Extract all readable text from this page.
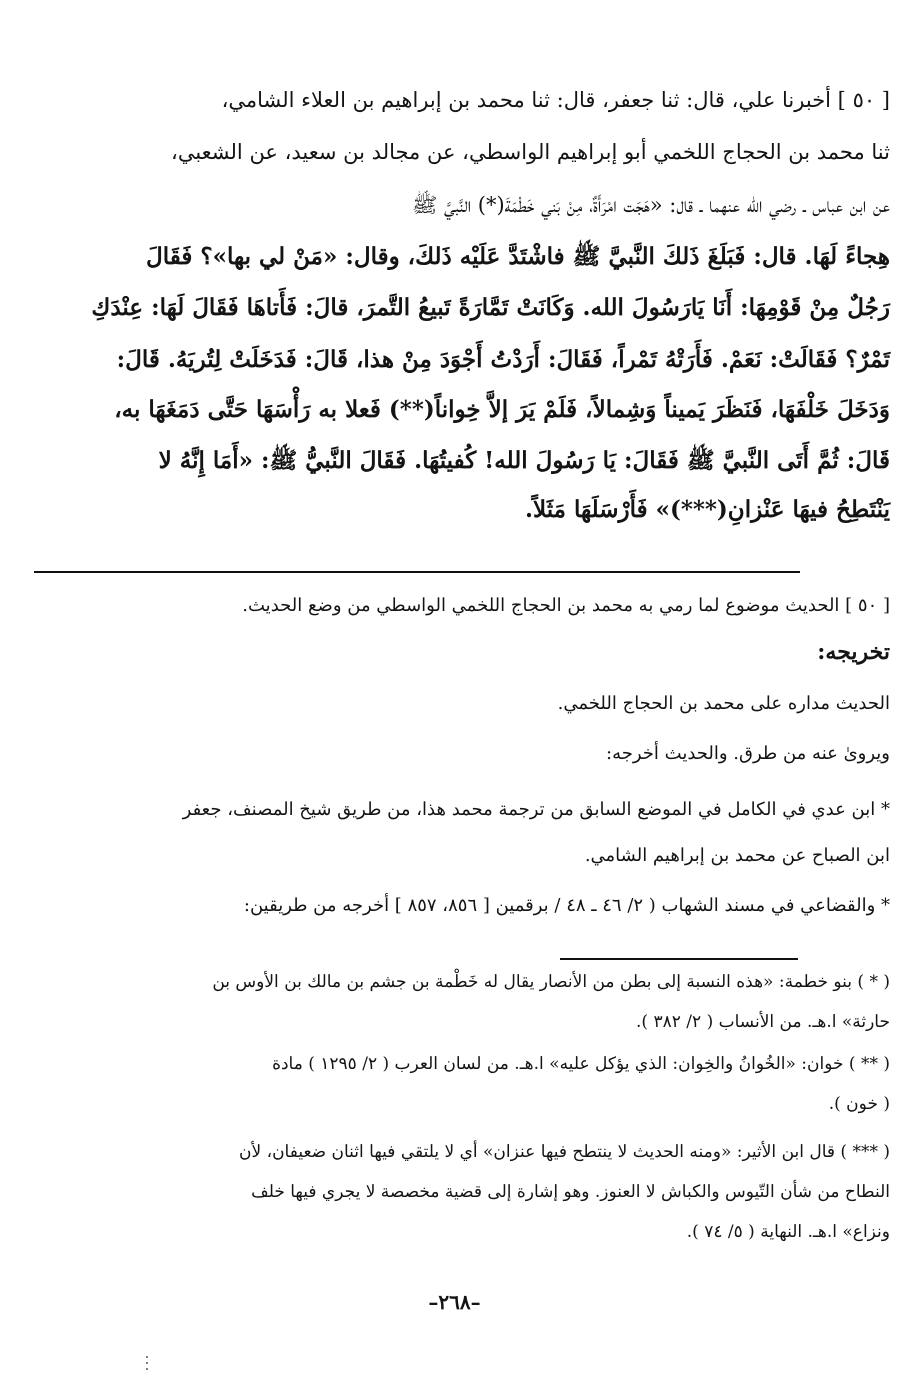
[ ٥٠ ] أخبرنا علي، قال: ثنا جعفر، قال: ثنا محمد بن إبراهيم بن العلاء الشامي،
ثنا محمد بن الحجاج اللخمي أبو إبراهيم الواسطي، عن مجالد بن سعيد، عن الشعبي،
عن ابن عباس ـ رضي الله عنهما ـ قال: «هَجَت امْرَأَةٌ، مِنْ بَني خَطْمَةَ(*) النَّبيَّ ﷺ
هِجاءً لَهَا. قال: فَبَلَغَ ذَلكَ النَّبيَّ ﷺ فاشْتَدَّ عَلَيْه ذَلكَ، وقال: «مَنْ لي بها»؟ فَقَالَ
رَجُلٌ مِنْ قَوْمِهَا: أَنَا يَارَسُولَ الله. وَكَانَتْ تَمَّارَةً تَبيعُ التَّمرَ، قالَ: فَأَتاهَا فَقَالَ لَهَا: عِنْدَكِ
تَمْرٌ؟ فَقَالَتْ: نَعَمْ. فَأَرَتْهُ تَمْراً، فَقَالَ: أَرَدْتُ أَجْوَدَ مِنْ هذا، قَالَ: فَدَخَلَتْ لِتُريَهُ. قَالَ:
وَدَخَلَ خَلْفَهَا، فَنَظَرَ يَميناً وَشِمالاً، فَلَمْ يَرَ إلاَّ خِواناً(**) فَعلا به رَأْسَهَا حَتَّى دَمَغَهَا به،
قَالَ: ثُمَّ أَتَى النَّبيَّ ﷺ فَقَالَ: يَا رَسُولَ الله! كُفيتُهَا. فَقَالَ النَّبيُّ ﷺ: «أَمَا إِنَّهُ لا
يَنْتَطِحُ فيهَا عَنْزانِ(***)» فَأَرْسَلَهَا مَثَلاً.
[ ٥٠ ] الحديث موضوع لما رمي به محمد بن الحجاج اللخمي الواسطي من وضع الحديث.
تخريجه:
الحديث مداره على محمد بن الحجاج اللخمي.
ويروىٰ عنه من طرق. والحديث أخرجه:
* ابن عدي في الكامل في الموضع السابق من ترجمة محمد هذا، من طريق شيخ المصنف، جعفر
ابن الصباح عن محمد بن إبراهيم الشامي.
* والقضاعي في مسند الشهاب ( ٢/ ٤٦ ـ ٤٨ / برقمين [ ٨٥٦، ٨٥٧ ] أخرجه من طريقين:
( * ) بنو خطمة: «هذه النسبة إلى بطن من الأنصار يقال له خَطْمة بن جشم بن مالك بن الأوس بن
حارثة» ا.هـ. من الأنساب ( ٢/ ٣٨٢ ).
( ** ) خوان: «الخُوانُ والخِوان: الذي يؤكل عليه» ا.هـ. من لسان العرب ( ٢/ ١٢٩٥ ) مادة
( خون ).
( *** ) قال ابن الأثير: «ومنه الحديث لا ينتطح فيها عنزان» أي لا يلتقي فيها اثنان ضعيفان، لأن
النطاح من شأن التّيوس والكباش لا العنوز. وهو إشارة إلى قضية مخصصة لا يجري فيها خلف
ونزاع» ا.هـ. النهاية ( ٥/ ٧٤ ).
–٢٦٨–
